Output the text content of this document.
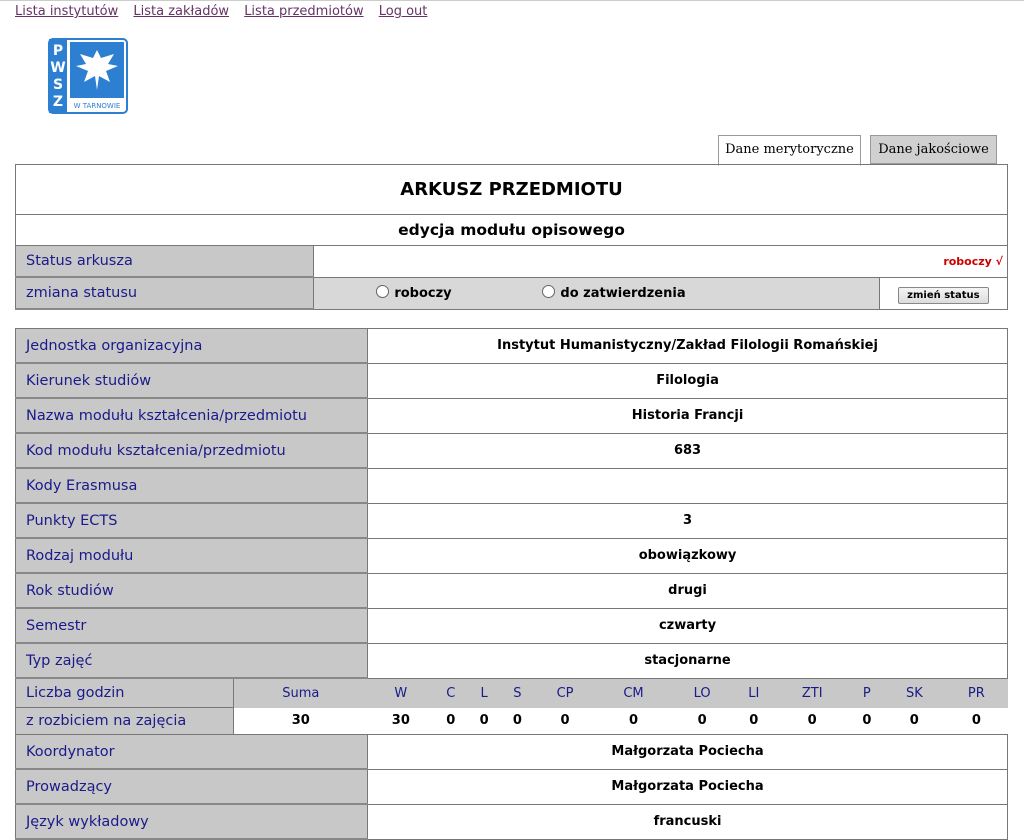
Lista instytutów Lista zakładów Lista przedmiotów Log out
P
W
S
Z W TARNOWIE
Dane merytoryczne	Dane jakościowe
ARKUSZ PRZEDMIOTU		
edycja modułu opisowego		
Status arkusza	roboczy √	
zmiana statusu	roboczy do zatwierdzenia	zmień status
Jednostka organizacyjna		Instytut Humanistyczny/Zakład Filologii Romańskiej											
Kierunek studiów		Filologia											
Nazwa modułu kształcenia/przedmiotu		Historia Francji											
Kod modułu kształcenia/przedmiotu		683											
Kody Erasmusa													
Punkty ECTS		3											
Rodzaj modułu		obowiązkowy											
Rok studiów		drugi											
Semestr		czwarty											
Typ zajęć		stacjonarne											
Liczba godzin	Suma	W	C	L	S	CP	CM	LO	LI	ZTI	P	SK	PR
z rozbiciem na zajęcia	30	30	0	0	0	0	0	0	0	0	0	0	0
Koordynator		Małgorzata Pociecha											
Prowadzący		Małgorzata Pociecha											
Język wykładowy		francuski											
